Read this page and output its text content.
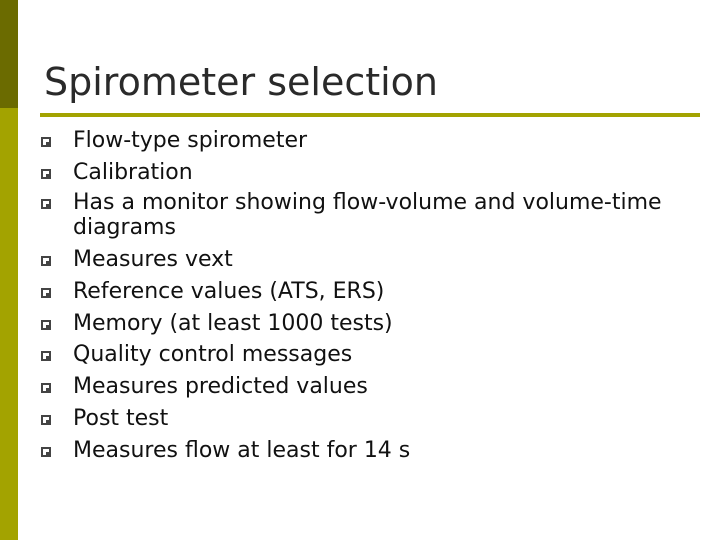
Spirometer selection
Flow-type spirometer
Calibration
Has a monitor showing flow-volume and volume-time diagrams
Measures vext
Reference values (ATS, ERS)
Memory (at least 1000 tests)
Quality control messages
Measures predicted values
Post test
Measures flow at least for 14 s
